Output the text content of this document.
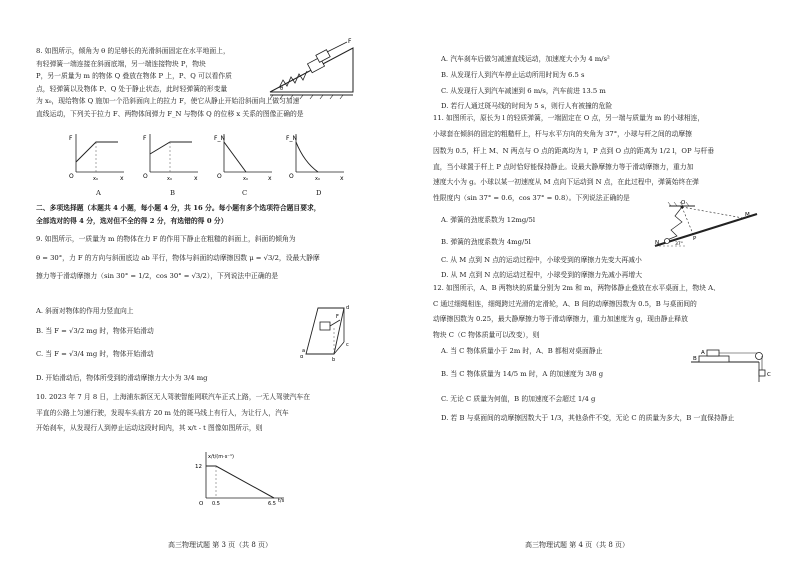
8. 如图所示，倾角为 θ 的足够长的光滑斜面固定在水平地面上，
有轻弹簧一端连接在斜面底端，另一端连接物块 P，物块
P，另一质量为 m 的物体 Q 叠放在物体 P 上，P、Q 可以看作质
点，轻弹簧以及物体 P、Q 处于静止状态，此时轻弹簧的形变量
为 x₀，现给物体 Q 施加一个沿斜面向上的拉力 F，使它从静止开始沿斜面向上做匀加速
直线运动，下列关于拉力 F、两物体间弹力 F_N 与物体 Q 的位移 x 关系的图像正确的是
F
θ
F
O	x₀	x
F
O	x₀	x
F_N
O	x₀	x
F_N
O	x₀	x
A	B	C	D
二、多项选择题（本题共 4 小题，每小题 4 分，共 16 分。每小题有多个选项符合题目要求，
全部选对的得 4 分，选对但不全的得 2 分，有选错的得 0 分）
9. 如图所示，一质量为 m 的物体在力 F 的作用下静止在粗糙的斜面上，斜面的倾角为
θ = 30°，力 F 的方向与斜面底边 ab 平行，物体与斜面的动摩擦因数 μ = √3/2，设最大静摩
擦力等于滑动摩擦力（sin 30° = 1/2，cos 30° = √3/2），下列说法中正确的是
A. 斜面对物体的作用力竖直向上
B. 当 F = √3/2 mg 时，物体开始滑动
C. 当 F = √3/4 mg 时，物体开始滑动
D. 开始滑动后，物体所受到的滑动摩擦力大小为 3/4 mg
F
α	b
c
d
a
10. 2023 年 7 月 8 日，上海浦东新区无人驾驶智能网联汽车正式上路，一无人驾驶汽车在
平直的公路上匀速行驶，发现车头前方 20 m 处的斑马线上有行人，为让行人，汽车
开始刹车，从发现行人到停止运动这段时间内，其 x/t - t 图像如图所示，则
x/t/(m·s⁻¹)
12
O 0.5	6.5 t/s
高三物理试题 第 3 页（共 8 页）
A. 汽车刹车后做匀减速直线运动，加速度大小为 4 m/s²
B. 从发现行人到汽车停止运动所用时间为 6.5 s
C. 从发现行人到汽车减速到 6 m/s，汽车前进 13.5 m
D. 若行人通过斑马线的时间为 5 s，则行人有被撞的危险
11. 如图所示，原长为 l 的轻质弹簧，一端固定在 O 点，另一端与质量为 m 的小球相连，
小球套在倾斜的固定的粗糙杆上，杆与水平方向的夹角为 37°，小球与杆之间的动摩擦
因数为 0.5，杆上 M、N 两点与 O 点的距离均为 l，P 点到 O 点的距离为 1/2 l，OP 与杆垂
直，当小球置于杆上 P 点时恰好能保持静止。设最大静摩擦力等于滑动摩擦力，重力加
速度大小为 g。小球以某一初速度从 M 点向下运动到 N 点，在此过程中，弹簧始终在弹
性限度内（sin 37° = 0.6，cos 37° = 0.8）。下列说法正确的是
A. 弹簧的劲度系数为 12mg/5l
B. 弹簧的劲度系数为 4mg/5l
C. 从 M 点到 N 点的运动过程中，小球受到的摩擦力先变大再减小
D. 从 M 点到 N 点的运动过程中，小球受到的摩擦力先减小再增大
O
M
N
P
37°
12. 如图所示，A、B 两物块的质量分别为 2m 和 m，两物体静止叠放在水平桌面上，物块 A、
C 通过细绳相连，细绳跨过光滑的定滑轮，A、B 间的动摩擦因数为 0.5，B 与桌面间的
动摩擦因数为 0.25，最大静摩擦力等于滑动摩擦力，重力加速度为 g，现由静止释放
物块 C（C 物体质量可以改变），则
A. 当 C 物体质量小于 2m 时，A、B 都相对桌面静止
B. 当 C 物体质量为 14/5 m 时，A 的加速度为 3/8 g
C. 无论 C 质量为何值，B 的加速度不会超过 1/4 g
D. 若 B 与桌面间的动摩擦因数大于 1/3，其他条件不变，无论 C 的质量为多大，B 一直保持静止
A
B
C
高三物理试题 第 4 页（共 8 页）
